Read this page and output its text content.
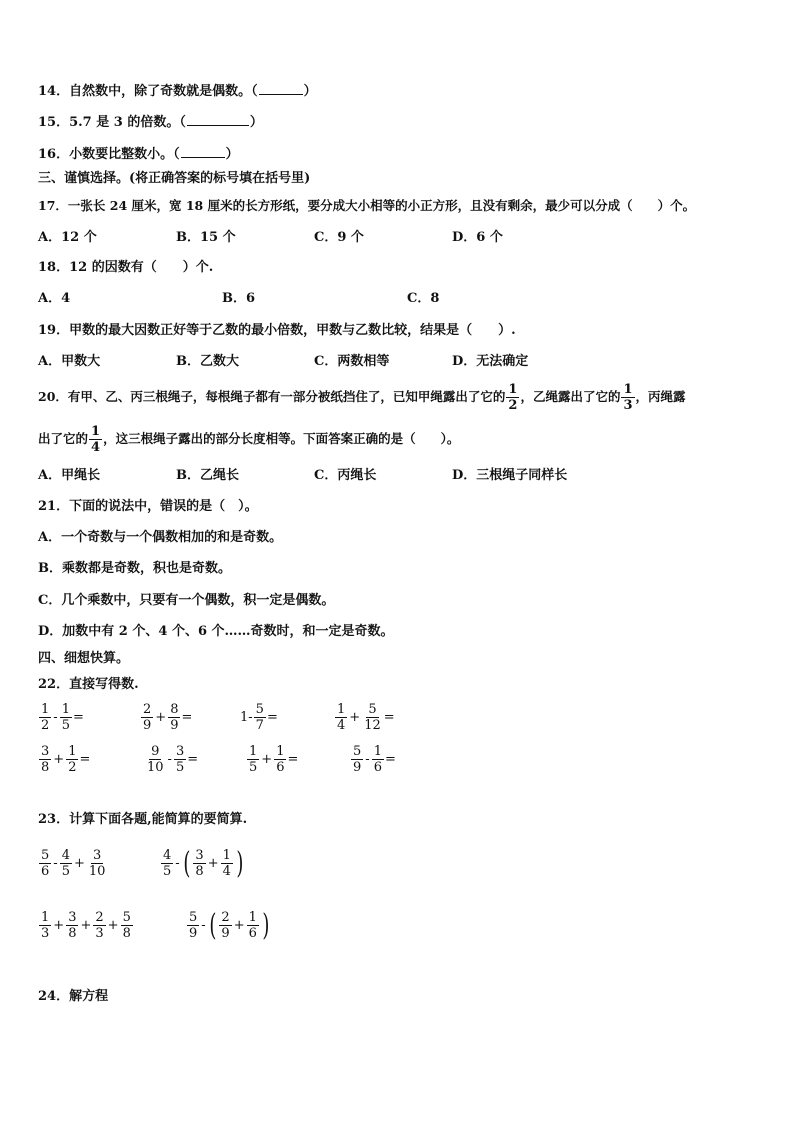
14．自然数中，除了奇数就是偶数。（	）
15．5.7 是 3 的倍数。（	）
16．小数要比整数小。（	）
三、谨慎选择。(将正确答案的标号填在括号里)
17．一张长 24 厘米，宽 18 厘米的长方形纸，要分成大小相等的小正方形，且没有剩余，最少可以分成（　　）个。
A．12 个	B．15 个	C．9 个	D．6 个
18．12 的因数有（　　）个.
A．4	B．6	C．8
19．甲数的最大因数正好等于乙数的最小倍数，甲数与乙数比较，结果是（　　）.
A．甲数大	B．乙数大	C．两数相等	D．无法确定
20．有甲、乙、丙三根绳子，每根绳子都有一部分被纸挡住了，已知甲绳露出了它的 $\frac{1}{2}$ ，乙绳露出了它的 $\frac{1}{3}$ ，丙绳露
出了它的 $\frac{1}{4}$ ，这三根绳子露出的部分长度相等。下面答案正确的是（　　）。
A．甲绳长	B．乙绳长	C．丙绳长	D．三根绳子同样长
21．下面的说法中，错误的是（　）。
A．一个奇数与一个偶数相加的和是奇数。
B．乘数都是奇数，积也是奇数。
C．几个乘数中，只要有一个偶数，积一定是偶数。
D．加数中有 2 个、4 个、6 个……奇数时，和一定是奇数。
四、细想快算。
22．直接写得数.
$\frac{1}{2} - \frac{1}{5}$ =	$\frac{2}{9} + \frac{8}{9}$ =	$1- \frac{5}{7}$ =	$\frac{1}{4} + \frac{5}{12}$ =
$\frac{3}{8} + \frac{1}{2}$ =	$\frac{9}{10} - \frac{3}{5}$ =	$\frac{1}{5} + \frac{1}{6}$ =	$\frac{5}{9} - \frac{1}{6}$ =
23．计算下面各题,能简算的要简算.
$\frac{5}{6} - \frac{4}{5} + \frac{3}{10}$	$\frac{4}{5}$ - ( $\frac{3}{8} + \frac{1}{4}$ )
$\frac{1}{3} + \frac{3}{8} + \frac{2}{3} + \frac{5}{8}$	$\frac{5}{9}$ - ( $\frac{2}{9} + \frac{1}{6}$ )
24．解方程
